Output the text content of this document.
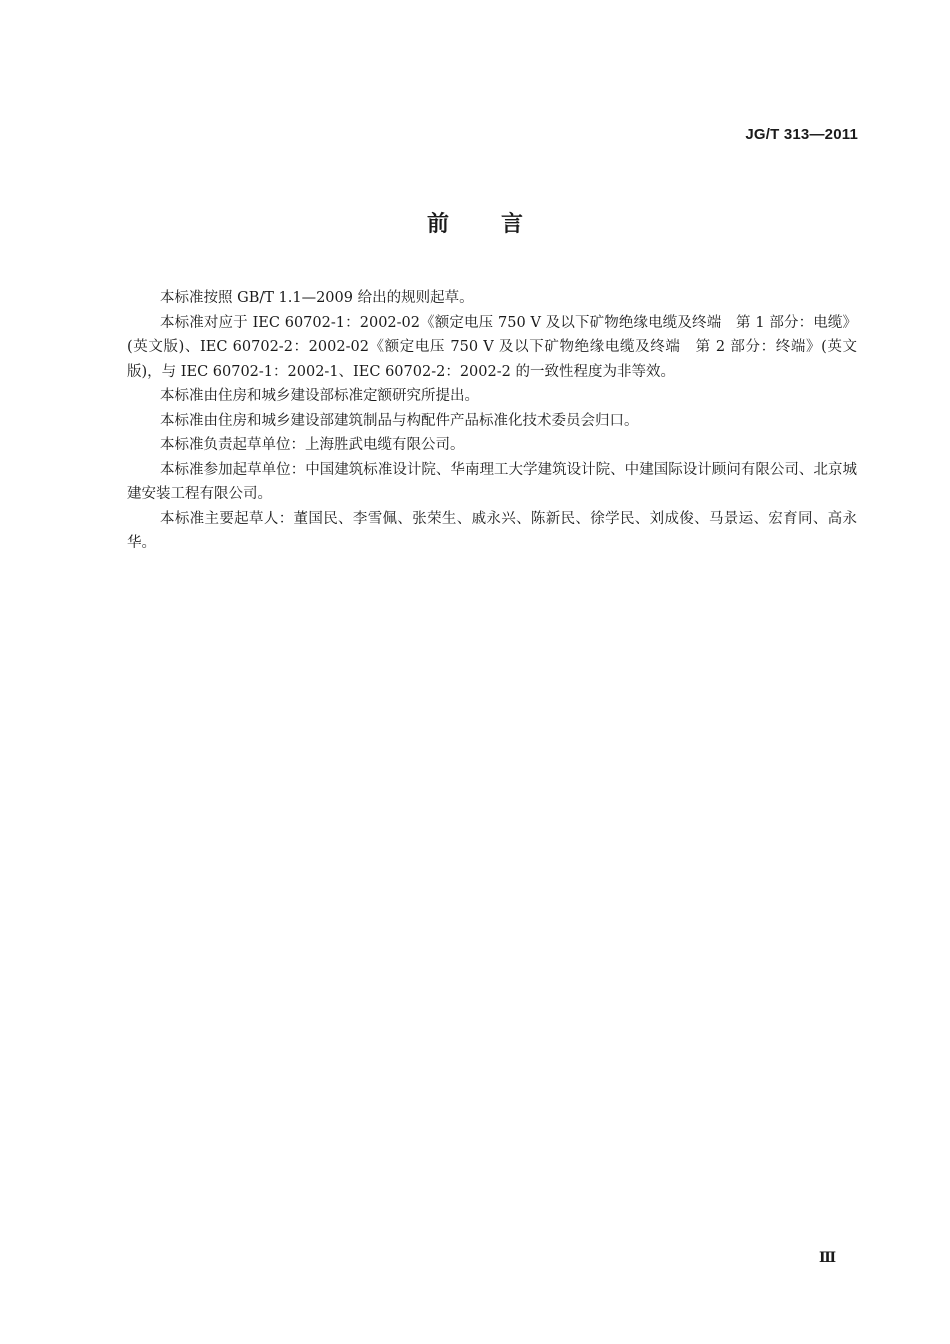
JG/T 313—2011
前言

本标准按照 GB/T 1.1—2009 给出的规则起草。

本标准对应于 IEC 60702-1：2002-02《额定电压 750 V 及以下矿物绝缘电缆及终端　第 1 部分：电缆》(英文版)、IEC 60702-2：2002-02《额定电压 750 V 及以下矿物绝缘电缆及终端　第 2 部分：终端》(英文版)，与 IEC 60702-1：2002-1、IEC 60702-2：2002-2 的一致性程度为非等效。

本标准由住房和城乡建设部标准定额研究所提出。

本标准由住房和城乡建设部建筑制品与构配件产品标准化技术委员会归口。

本标准负责起草单位：上海胜武电缆有限公司。

本标准参加起草单位：中国建筑标准设计院、华南理工大学建筑设计院、中建国际设计顾问有限公司、北京城建安装工程有限公司。

本标准主要起草人：董国民、李雪佩、张荣生、戚永兴、陈新民、徐学民、刘成俊、马景运、宏育同、高永华。

Ⅲ
